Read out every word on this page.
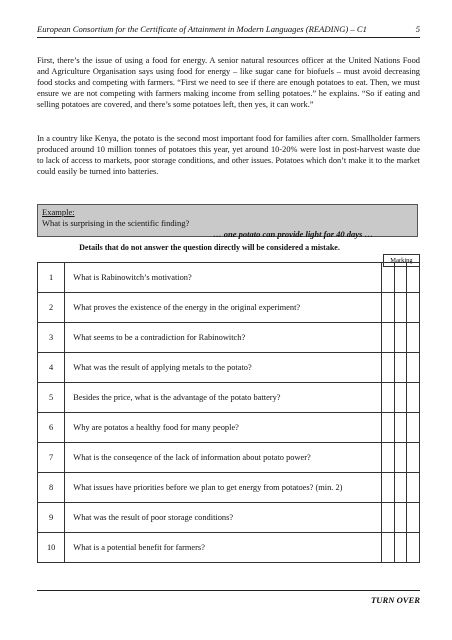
European Consortium for the Certificate of Attainment in Modern Languages (READING) – C1	5
First, there’s the issue of using a food for energy. A senior natural resources officer at the United Nations Food and Agriculture Organisation says using food for energy – like sugar cane for biofuels – must avoid decreasing food stocks and competing with farmers. “First we need to see if there are enough potatoes to eat. Then, we must ensure we are not competing with farmers making income from selling potatoes.” he explains. “So if eating and selling potatoes are covered, and there’s some potatoes left, then yes, it can work.”
In a country like Kenya, the potato is the second most important food for families after corn. Smallholder farmers produced around 10 million tonnes of potatoes this year, yet around 10-20% were lost in post-harvest waste due to lack of access to markets, poor storage conditions, and other issues. Potatoes which don’t make it to the market could easily be turned into batteries.
Example:
What is surprising in the scientific finding?
… one potato can provide light for 40 days …
Details that do not answer the question directly will be considered a mistake.
Marking
1	What is Rabinowitch’s motivation?			
2	What proves the existence of the energy in the original experiment?			
3	What seems to be a contradiction for Rabinowitch?			
4	What was the result of applying metals to the potato?			
5	Besides the price, what is the advantage of the potato battery?			
6	Why are potatos a healthy food for many people?			
7	What is the conseqence of the lack of information about potato power?			
8	What issues have priorities before we plan to get energy from potatoes? (min. 2)			
9	What was the result of poor storage conditions?			
10	What is a potential benefit for farmers?			
TURN OVER
